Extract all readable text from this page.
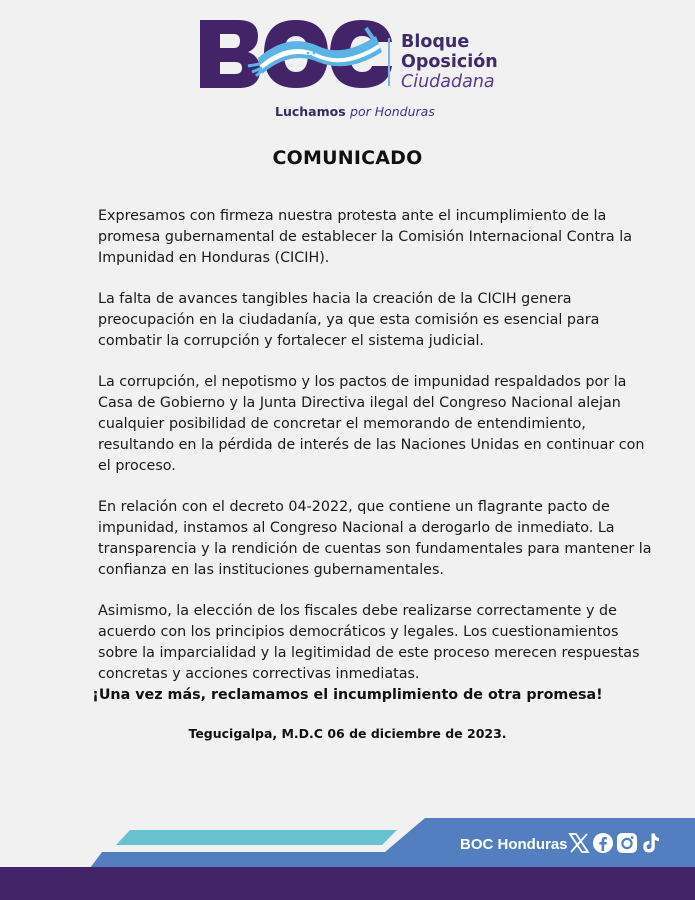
Bloque
Oposición
Ciudadana
Luchamos por Honduras
COMUNICADO

Expresamos con firmeza nuestra protesta ante el incumplimiento de la promesa gubernamental de establecer la Comisión Internacional Contra la Impunidad en Honduras (CICIH).

La falta de avances tangibles hacia la creación de la CICIH genera preocupación en la ciudadanía, ya que esta comisión es esencial para combatir la corrupción y fortalecer el sistema judicial.

La corrupción, el nepotismo y los pactos de impunidad respaldados por la Casa de Gobierno y la Junta Directiva ilegal del Congreso Nacional alejan cualquier posibilidad de concretar el memorando de entendimiento, resultando en la pérdida de interés de las Naciones Unidas en continuar con el proceso.

En relación con el decreto 04-2022, que contiene un flagrante pacto de impunidad, instamos al Congreso Nacional a derogarlo de inmediato. La transparencia y la rendición de cuentas son fundamentales para mantener la confianza en las instituciones gubernamentales.

Asimismo, la elección de los fiscales debe realizarse correctamente y de acuerdo con los principios democráticos y legales. Los cuestionamientos sobre la imparcialidad y la legitimidad de este proceso merecen respuestas concretas y acciones correctivas inmediatas.

¡Una vez más, reclamamos el incumplimiento de otra promesa!
Tegucigalpa, M.D.C 06 de diciembre de 2023.
BOC Honduras
